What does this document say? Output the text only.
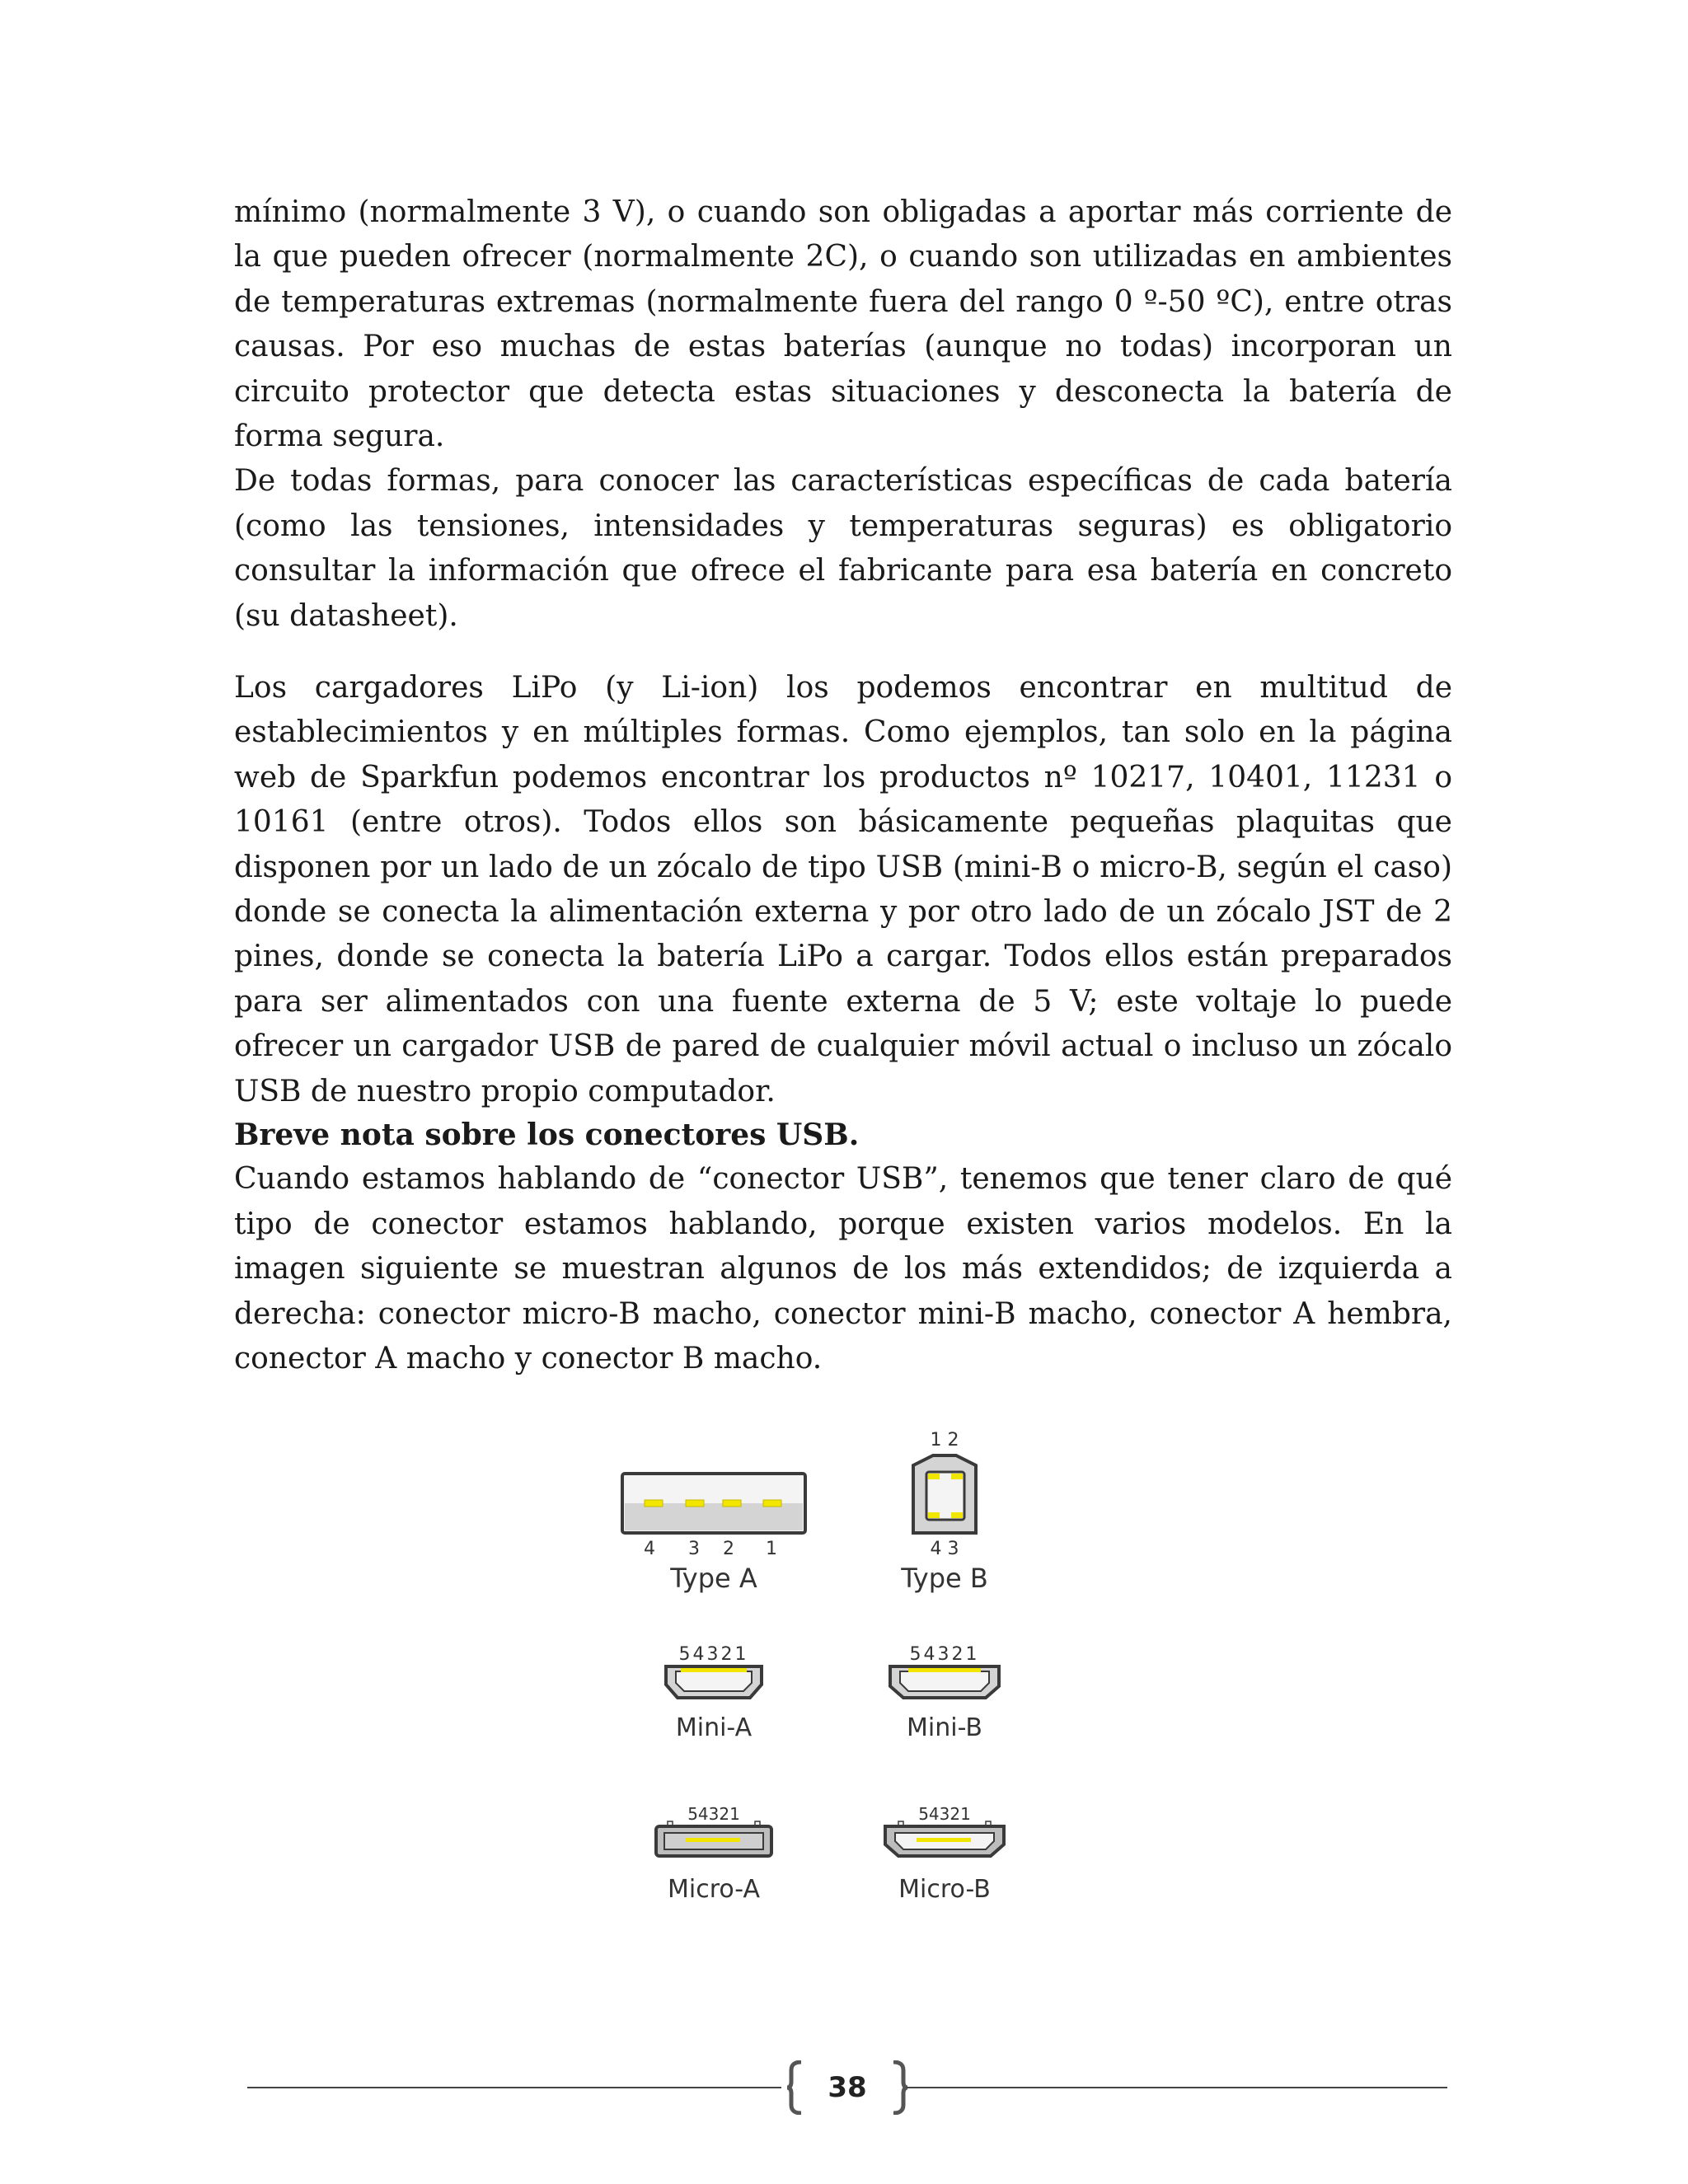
mínimo (normalmente 3 V), o cuando son obligadas a aportar más corriente de la que pueden ofrecer (normalmente 2C), o cuando son utilizadas en ambientes de temperaturas extremas (normalmente fuera del rango 0 º-50 ºC), entre otras causas. Por eso muchas de estas baterías (aunque no todas) incorporan un circuito protector que detecta estas situaciones y desconecta la batería de forma segura.

De todas formas, para conocer las características específicas de cada batería (como las tensiones, intensidades y temperaturas seguras) es obligatorio consultar la información que ofrece el fabricante para esa batería en concreto (su datasheet).

Los cargadores LiPo (y Li-ion) los podemos encontrar en multitud de establecimientos y en múltiples formas. Como ejemplos, tan solo en la página web de Sparkfun podemos encontrar los productos nº 10217, 10401, 11231 o 10161 (entre otros). Todos ellos son básicamente pequeñas plaquitas que disponen por un lado de un zócalo de tipo USB (mini-B o micro-B, según el caso) donde se conecta la alimentación externa y por otro lado de un zócalo JST de 2 pines, donde se conecta la batería LiPo a cargar. Todos ellos están preparados para ser alimentados con una fuente externa de 5 V; este voltaje lo puede ofrecer un cargador USB de pared de cualquier móvil actual o incluso un zócalo USB de nuestro propio computador.

Breve nota sobre los conectores USB.

Cuando estamos hablando de “conector USB”, tenemos que tener claro de qué tipo de conector estamos hablando, porque existen varios modelos. En la imagen siguiente se muestran algunos de los más extendidos; de izquierda a derecha: conector micro-B macho, conector mini-B macho, conector A hembra, conector A macho y conector B macho.

4 3 2 1
Type A
1 2
4 3
Type B
54321
Mini-A
54321
Mini-B
54321
Micro-A
54321
Micro-B
38
